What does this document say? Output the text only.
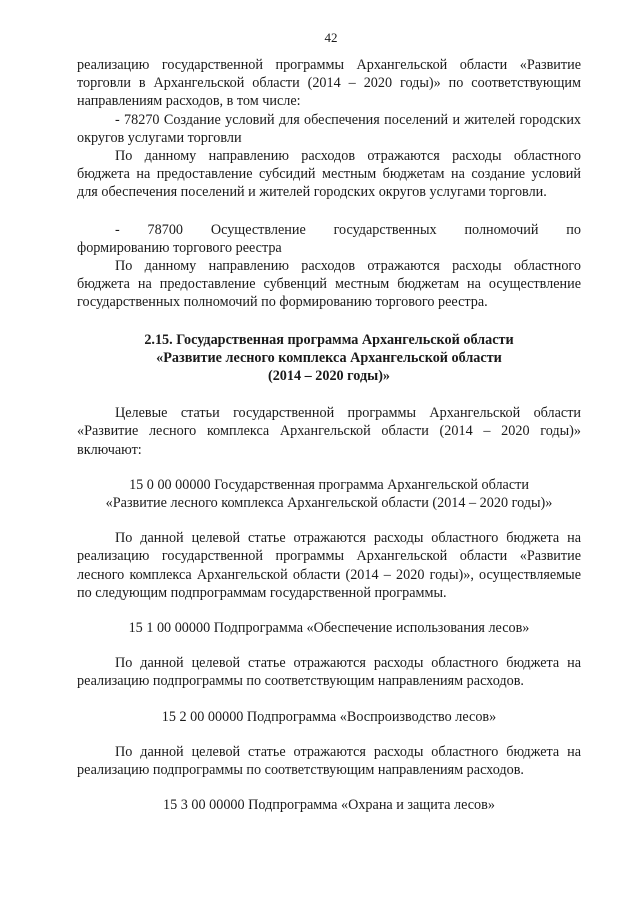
42

реализацию государственной программы Архангельской области «Развитие торговли в Архангельской области (2014 – 2020 годы)» по соответствующим направлениям расходов, в том числе:

- 78270 Создание условий для обеспечения поселений и жителей городских округов услугами торговли

По данному направлению расходов отражаются расходы областного бюджета на предоставление субсидий местным бюджетам на создание условий для обеспечения поселений и жителей городских округов услугами торговли.

-      78700      Осуществление      государственных      полномочий      по

формированию торгового реестра

По данному направлению расходов отражаются расходы областного бюджета на предоставление субвенций местным бюджетам на осуществление государственных полномочий по формированию торгового реестра.

2.15. Государственная программа Архангельской области
«Развитие лесного комплекса Архангельской области
(2014 – 2020 годы)»

Целевые статьи государственной программы Архангельской области «Развитие лесного комплекса Архангельской области (2014 – 2020 годы)» включают:

15 0 00 00000 Государственная программа Архангельской области

«Развитие лесного комплекса Архангельской области (2014 – 2020 годы)»

По данной целевой статье отражаются расходы областного бюджета на реализацию государственной программы Архангельской области «Развитие лесного комплекса Архангельской области (2014 – 2020 годы)», осуществляемые по следующим подпрограммам государственной программы.

15 1 00 00000 Подпрограмма «Обеспечение использования лесов»

По данной целевой статье отражаются расходы областного бюджета на реализацию подпрограммы по соответствующим направлениям расходов.

15 2 00 00000 Подпрограмма «Воспроизводство лесов»

По данной целевой статье отражаются расходы областного бюджета на реализацию подпрограммы по соответствующим направлениям расходов.

15 3 00 00000 Подпрограмма «Охрана и защита лесов»
